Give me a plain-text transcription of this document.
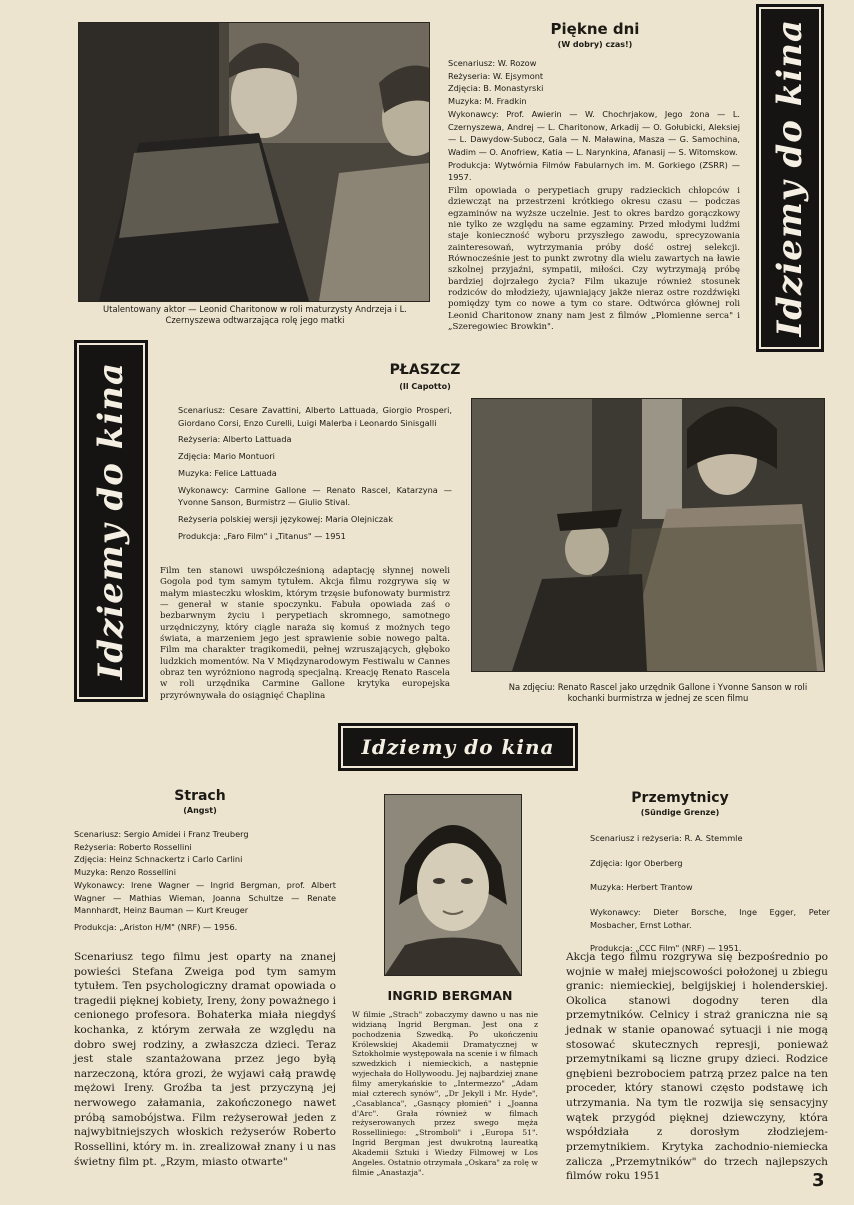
Utalentowany aktor — Leonid Charitonow w roli maturzysty Andrzeja i L. Czernyszewa odtwarzająca rolę jego matki
Piękne dni
(W dobry) czas!)

Scenariusz: W. Rozow

Reżyseria: W. Ejsymont

Zdjęcia: B. Monastyrski

Muzyka: M. Fradkin

Wykonawcy: Prof. Awierin — W. Chochrjakow, Jego żona — L. Czernyszewa, Andrej — L. Charitonow, Arkadij — O. Gołubicki, Aleksiej — L. Dawydow-Subocz, Gala — N. Maławina, Masza — G. Samochina, Wadim — O. Anofriew, Katia — L. Narynkina, Afanasij — S. Witomskow.

Produkcja: Wytwórnia Filmów Fabularnych im. M. Gorkiego (ZSRR) — 1957.

Film opowiada o perypetiach grupy radzieckich chłopców i dziewcząt na przestrzeni krótkiego okresu czasu — podczas egzaminów na wyższe uczelnie. Jest to okres bardzo gorączkowy nie tylko ze względu na same egzaminy. Przed młodymi ludźmi staje konieczność wyboru przyszłego zawodu, sprecyzowania zainteresowań, wytrzymania próby dość ostrej selekcji. Równocześnie jest to punkt zwrotny dla wielu zawartych na ławie szkolnej przyjaźni, sympatii, miłości. Czy wytrzymają próbę bardziej dojrzałego życia? Film ukazuje również stosunek rodziców do młodzieży, ujawniający jakże nieraz ostre rozdźwięki pomiędzy tym co nowe a tym co stare. Odtwórca głównej roli Leonid Charitonow znany nam jest z filmów „Płomienne serca" i „Szeregowiec Browkin".	Idziemy do kina
Idziemy do kina	PŁASZCZ
(Il Capotto)

Scenariusz: Cesare Zavattini, Alberto Lattuada, Giorgio Prosperi, Giordano Corsi, Enzo Curelli, Luigi Malerba i Leonardo Sinisgalli

Reżyseria: Alberto Lattuada

Zdjęcia: Mario Montuori

Muzyka: Felice Lattuada

Wykonawcy: Carmine Gallone — Renato Rascel, Katarzyna — Yvonne Sanson, Burmistrz — Giulio Stival.

Reżyseria polskiej wersji językowej: Maria Olejniczak

Produkcja: „Faro Film" i „Titanus" — 1951

Film ten stanowi uwspółcześnioną adaptację słynnej noweli Gogola pod tym samym tytułem. Akcja filmu rozgrywa się w małym miasteczku włoskim, którym trzęsie bufonowaty burmistrz — generał w stanie spoczynku. Fabuła opowiada zaś o bezbarwnym życiu i perypetiach skromnego, samotnego urzędniczyny, który ciągle naraża się komuś z możnych tego świata, a marzeniem jego jest sprawienie sobie nowego palta. Film ma charakter tragikomedii, pełnej wzruszających, głęboko ludzkich momentów. Na V Międzynarodowym Festiwalu w Cannes obraz ten wyróżniono nagrodą specjalną. Kreację Renato Rascela w roli urzędnika Carmine Gallone krytyka europejska przyrównywała do osiągnięć Chaplina
Na zdjęciu: Renato Rascel jako urzędnik Gallone i Yvonne Sanson w roli kochanki burmistrza w jednej ze scen filmu
Idziemy do kina
Strach
(Angst)

Scenariusz: Sergio Amidei i Franz Treuberg

Reżyseria: Roberto Rossellini

Zdjęcia: Heinz Schnackertz i Carlo Carlini

Muzyka: Renzo Rossellini

Wykonawcy: Irene Wagner — Ingrid Bergman, prof. Albert Wagner — Mathias Wieman, Joanna Schultze — Renate Mannhardt, Heinz Bauman — Kurt Kreuger

Produkcja: „Ariston H/M" (NRF) — 1956.

Scenariusz tego filmu jest oparty na znanej powieści Stefana Zweiga pod tym samym tytułem. Ten psychologiczny dramat opowiada o tragedii pięknej kobiety, Ireny, żony poważnego i cenionego profesora. Bohaterka miała niegdyś kochanka, z którym zerwała ze względu na dobro swej rodziny, a zwłaszcza dzieci. Teraz jest stale szantażowana przez jego byłą narzeczoną, która grozi, że wyjawi całą prawdę mężowi Ireny. Groźba ta jest przyczyną jej nerwowego załamania, zakończonego nawet próbą samobójstwa. Film reżyserował jeden z najwybitniejszych włoskich reżyserów Roberto Rossellini, który m. in. zrealizował znany i u nas świetny film pt. „Rzym, miasto otwarte"
INGRID BERGMAN
W filmie „Strach" zobaczymy dawno u nas nie widzianą Ingrid Bergman. Jest ona z pochodzenia Szwedką. Po ukończeniu Królewskiej Akademii Dramatycznej w Sztokholmie występowała na scenie i w filmach szwedzkich i niemieckich, a następnie wyjechała do Hollywoodu. Jej najbardziej znane filmy amerykańskie to „Intermezzo" „Adam miał czterech synów", „Dr Jekyll i Mr. Hyde", „Casablanca", „Gasnący płomień" i „Joanna d'Arc". Grała również w filmach reżyserowanych przez swego męża Rosselliniego: „Stromboli" i „Europa 51". Ingrid Bergman jest dwukrotną laureatką Akademii Sztuki i Wiedzy Filmowej w Los Angeles. Ostatnio otrzymała „Oskara" za rolę w filmie „Anastazja".
Przemytnicy
(Sündige Grenze)

Scenariusz i reżyseria: R. A. Stemmle

Zdjęcia: Igor Oberberg

Muzyka: Herbert Trantow

Wykonawcy: Dieter Borsche, Inge Egger, Peter Mosbacher, Ernst Lothar.

Produkcja: „CCC Film" (NRF) — 1951.

Akcja tego filmu rozgrywa się bezpośrednio po wojnie w małej miejscowości położonej u zbiegu granic: niemieckiej, belgijskiej i holenderskiej. Okolica stanowi dogodny teren dla przemytników. Celnicy i straż graniczna nie są jednak w stanie opanować sytuacji i nie mogą stosować skutecznych represji, ponieważ przemytnikami są liczne grupy dzieci. Rodzice gnębieni bezrobociem patrzą przez palce na ten proceder, który stanowi często podstawę ich utrzymania. Na tym tle rozwija się sensacyjny wątek przygód pięknej dziewczyny, która współdziała z dorosłym złodziejem-przemytnikiem. Krytyka zachodnio-niemiecka zalicza „Przemytników" do trzech najlepszych filmów roku 1951	3
